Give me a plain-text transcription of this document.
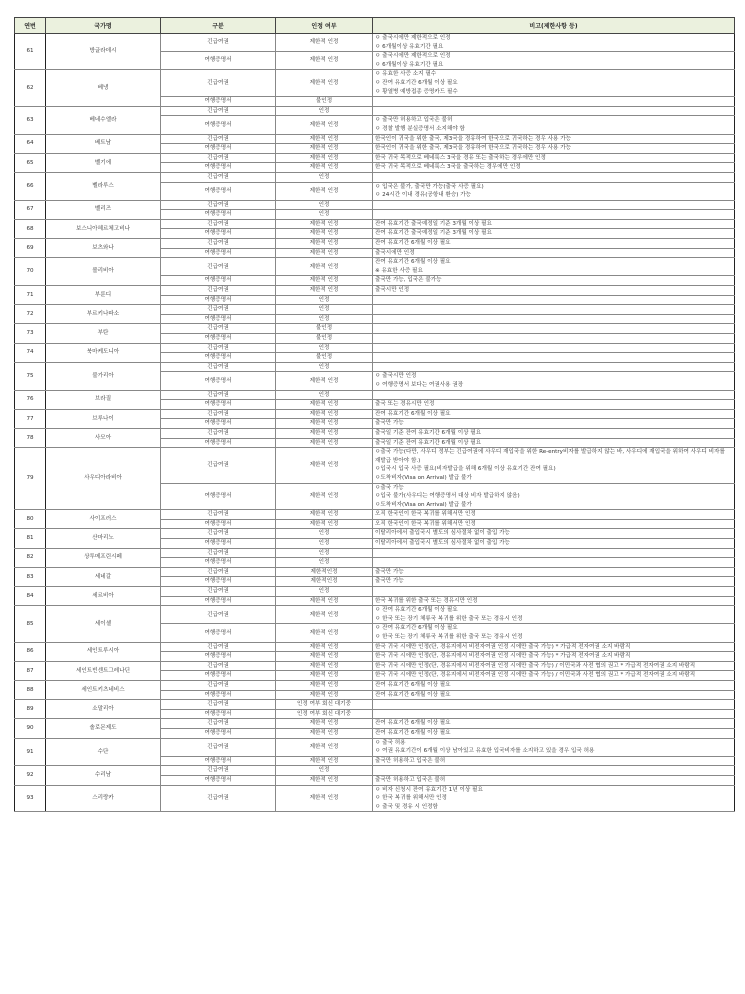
연번	국가명	구분	인정 여부	비고(제한사항 등)
61	방글라데시	긴급여권	제한적 인정	ㅇ 출국시에만 제한적으로 인정
ㅇ 6개월이상 유효기간 필요

		여행증명서	제한적 인정	ㅇ 출국시에만 제한적으로 인정
ㅇ 6개월이상 유효기간 필요

62	베냉	긴급여권	제한적 인정	ㅇ 유효한 사증 소지 필수
ㅇ 잔여 유효기간 6개월 이상 필요
ㅇ 황열병 예방접종 증명카드 필수

		여행증명서	불인정	
63	베네수엘라	긴급여권	인정	
		여행증명서	제한적 인정	ㅇ 출국만 허용하고 입국은 불허
ㅇ 경찰 발행 분실증명서 소지해야 함

64	베트남	긴급여권	제한적 인정	한국인이 귀국을 위한 출국, 제3국을 경유하여 한국으로 귀국하는 경우 사용 가능

		여행증명서	제한적 인정	한국인이 귀국을 위한 출국, 제3국을 경유하여 한국으로 귀국하는 경우 사용 가능

65	벨기에	긴급여권	제한적 인정	한국 귀국 목적으로 베네룩스 3국을 경유 또는 출국하는 경우에만 인정

		여행증명서	제한적 인정	한국 귀국 목적으로 베네룩스 3국을 출국하는 경우에만 인정

66	벨라루스	긴급여권	인정	
		여행증명서	제한적 인정	ㅇ 입국은 불가, 출국만 가능(출국 사증 필요)
ㅇ 24시간 이내 경유(공항내 환승) 가능

67	벨리즈	긴급여권	인정	
		여행증명서	인정	
68	보스니아헤르체고비나	긴급여권	제한적 인정	잔여 유효기간 출국예정일 기준 3개월 이상 필요

		여행증명서	제한적 인정	잔여 유효기간 출국예정일 기준 3개월 이상 필요

69	보츠와나	긴급여권	제한적 인정	잔여 유효기간 6개월 이상 필요

		여행증명서	제한적 인정	출국시에만 인정

70	볼리비아	긴급여권	제한적 인정	잔여 유효기간 6개월 이상 필요
※ 유효한 사증 필요

		여행증명서	제한적 인정	출국만 가능, 입국은 불가능

71	부룬디	긴급여권	제한적 인정	출국시만 인정

		여행증명서	인정	
72	부르키나파소	긴급여권	인정	
		여행증명서	인정	
73	부탄	긴급여권	불인정	
		여행증명서	불인정	
74	북마케도니아	긴급여권	인정	
		여행증명서	불인정	
75	불가리아	긴급여권	인정	
		여행증명서	제한적 인정	ㅇ 출국시만 인정
ㅇ 여행증명서 보다는 여권사용 권장

76	브라질	긴급여권	인정	
		여행증명서	제한적 인정	출국 또는 경유시만 인정

77	브루나이	긴급여권	제한적 인정	잔여 유효기간 6개월 이상 필요

		여행증명서	제한적 인정	출국만 가능

78	사모아	긴급여권	제한적 인정	출국일 기준 잔여 유효기간 6개월 이상 필요

		여행증명서	제한적 인정	출국일 기준 잔여 유효기간 6개월 이상 필요

79	사우디아라비아	긴급여권	제한적 인정	ㅇ출국 가능(다만, 사우디 정부는 긴급여권에 사우디 재입국을 위한 Re-entry비자를 발급하지 않는 바, 사우디에 재입국을 위하여 사우디 비자를 재발급 받아야 함.)
ㅇ입국시 입국 사증 필요(비자발급을 위해 6개월 이상 유효기간 잔여 필요)
ㅇ도착비자(Visa on Arrival) 발급 불가

		여행증명서	제한적 인정	ㅇ출국 가능
ㅇ입국 불가(사우디는 여행증명서 대상 비자 발급하지 않음)
ㅇ도착비자(Visa on Arrival) 발급 불가

80	사이프러스	긴급여권	제한적 인정	오직 한국인이 한국 복귀를 위해서만 인정

		여행증명서	제한적 인정	오직 한국인이 한국 복귀를 위해서만 인정

81	산마리노	긴급여권	인정	이탈리아에서 출입국시 별도의 심사절차 없이 출입 가능

		여행증명서	인정	이탈리아에서 출입국시 별도의 심사절차 없이 출입 가능

82	상투메프린시페	긴급여권	인정	
		여행증명서	인정	
83	세네갈	긴급여권	제한적인정	출국만 가능

		여행증명서	제한적인정	출국만 가능

84	세르비아	긴급여권	인정	
		여행증명서	제한적 인정	한국 복귀를 위한 출국 또는 경유시만 인정

85	세이셸	긴급여권	제한적 인정	ㅇ 잔여 유효기간 6개월 이상 필요
ㅇ 한국 또는 장기 체류국 복귀를 위한 출국 또는 경유시 인정

		여행증명서	제한적 인정	ㅇ 잔여 유효기간 6개월 이상 필요
ㅇ 한국 또는 장기 체류국 복귀를 위한 출국 또는 경유시 인정

86	세인트루시아	긴급여권	제한적 인정	한국 귀국 시에만 인정(단, 경유지에서 비전자여권 인정 시에만 출국 가능) * 가급적 전자여권 소지 바람직

		여행증명서	제한적 인정	한국 귀국 시에만 인정(단, 경유지에서 비전자여권 인정 시에만 출국 가능) * 가급적 전자여권 소지 바람직

87	세인트빈센트그레나딘	긴급여권	제한적 인정	한국 귀국 시에만 인정(단, 경유지에서 비전자여권 인정 시에만 출국 가능) / 이민국과 사전 협의 권고 * 가급적 전자여권 소지 바람직

		여행증명서	제한적 인정	한국 귀국 시에만 인정(단, 경유지에서 비전자여권 인정 시에만 출국 가능) / 이민국과 사전 협의 권고 * 가급적 전자여권 소지 바람직

88	세인트키츠네비스	긴급여권	제한적 인정	잔여 유효기간 6개월 이상 필요

		여행증명서	제한적 인정	잔여 유효기간 6개월 이상 필요

89	소말리아	긴급여권	인정 여부 회신 대기중	
		여행증명서	인정 여부 회신 대기중	
90	솔로몬제도	긴급여권	제한적 인정	잔여 유효기간 6개월 이상 필요

		여행증명서	제한적 인정	잔여 유효기간 6개월 이상 필요

91	수단	긴급여권	제한적 인정	ㅇ 출국 허용
ㅇ 여권 유효기간이 6개월 이상 남아있고 유효한 입국비자를 소지하고 있을 경우 입국 허용

		여행증명서	제한적 인정	출국만 허용하고 입국은 불허

92	수리남	긴급여권	인정	
		여행증명서	제한적 인정	출국만 허용하고 입국은 불허

93	스리랑카	긴급여권	제한적 인정	ㅇ 비자 신청시 잔여 유효기간 1년 이상 필요
ㅇ 한국 복귀를 위해서만 인정
ㅇ 출국 및 경유 시 인정함
